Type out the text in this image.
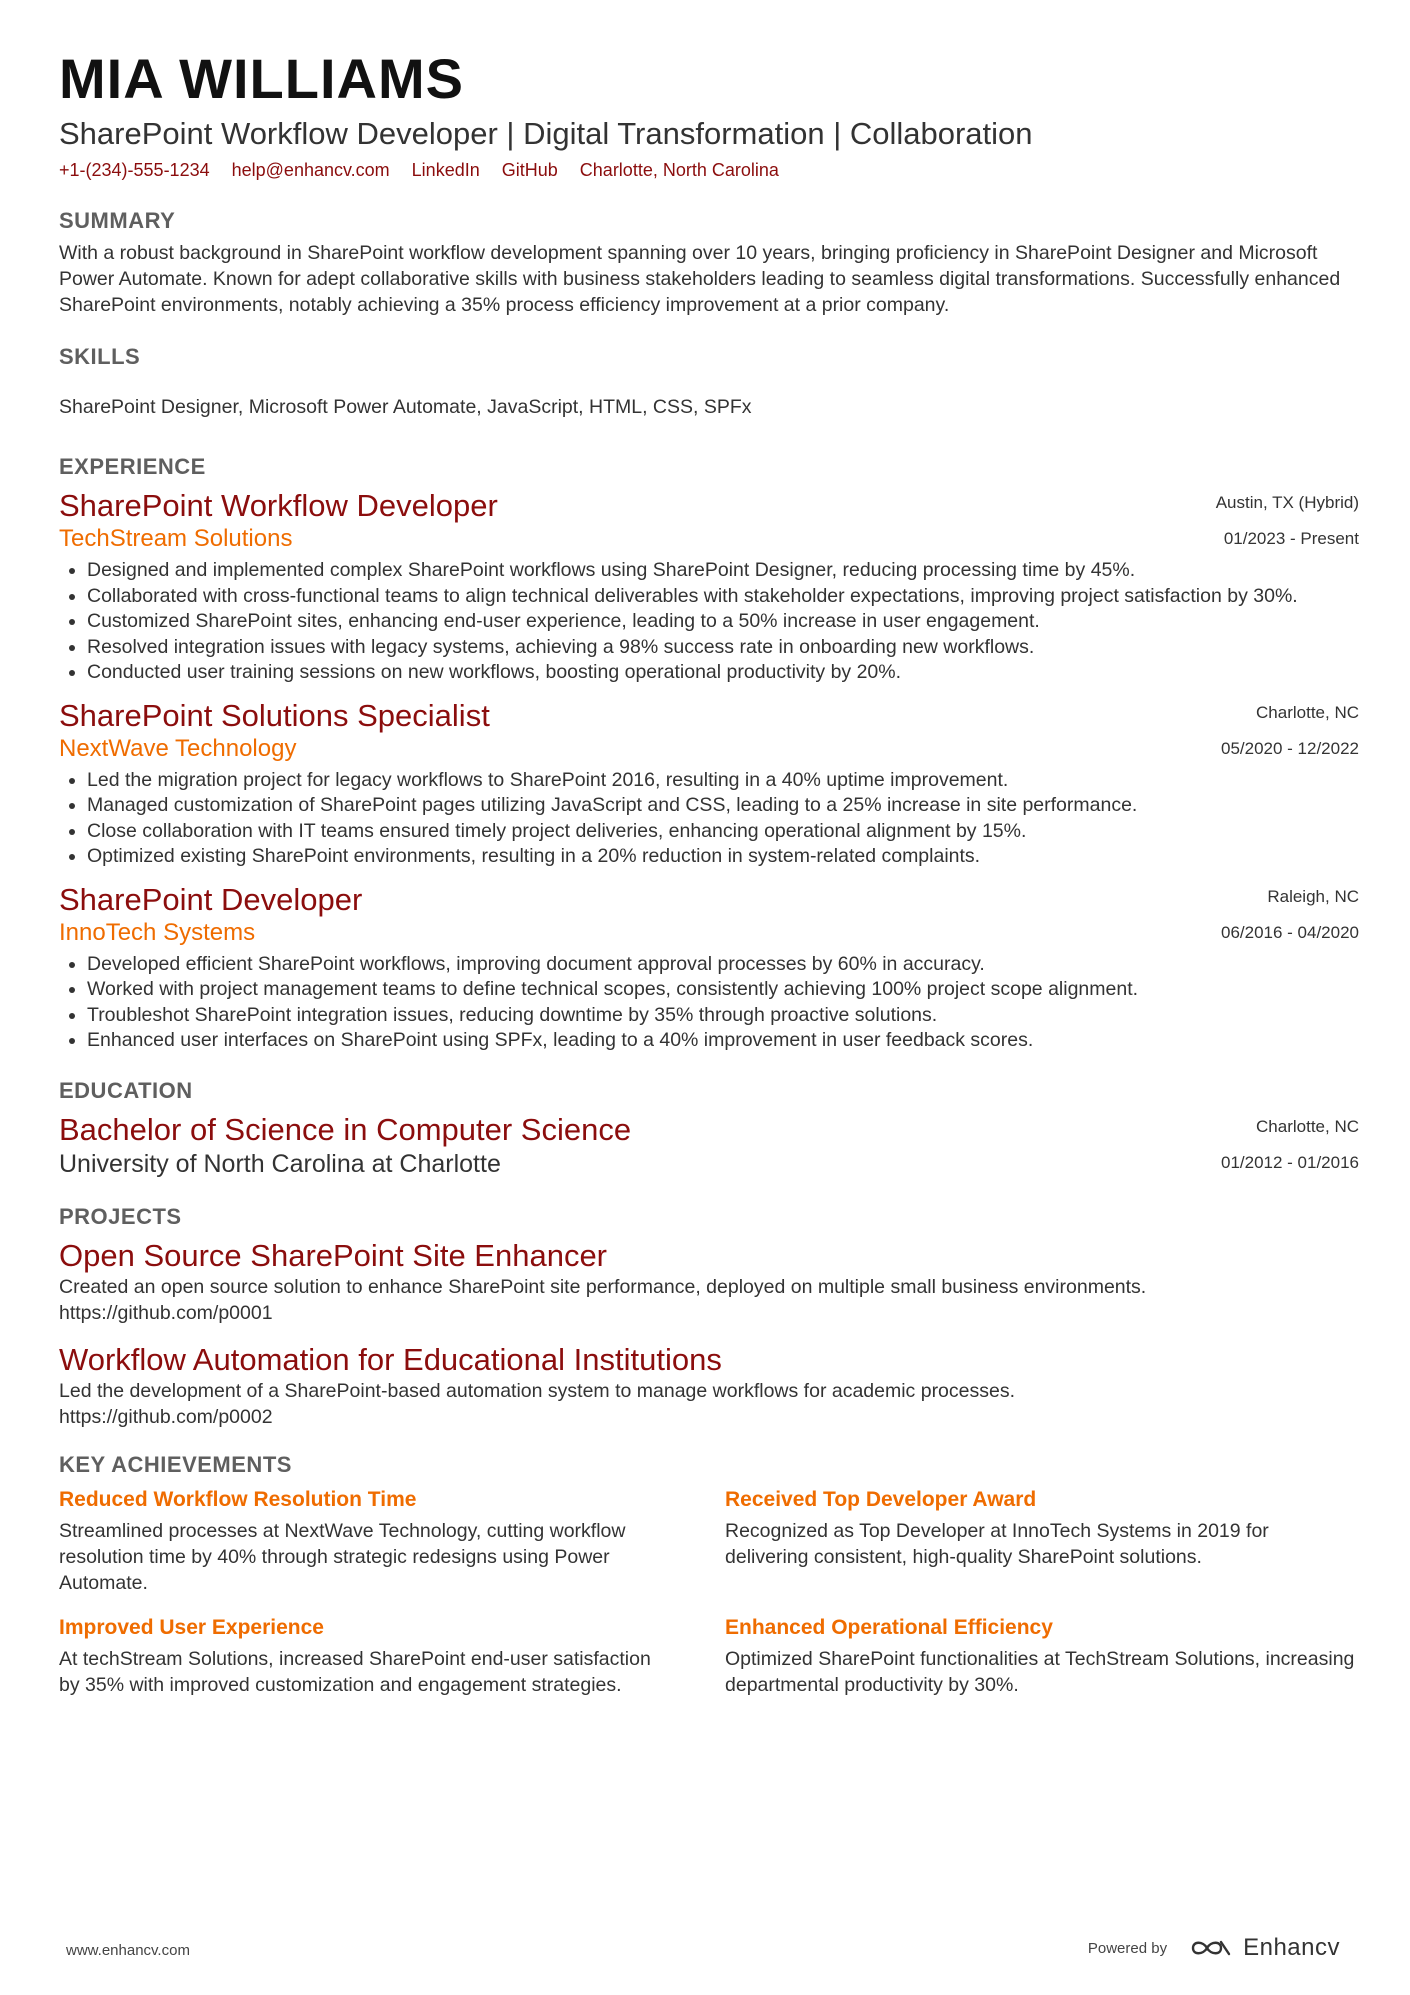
MIA WILLIAMS
SharePoint Workflow Developer | Digital Transformation | Collaboration
+1-(234)-555-1234 help@enhancv.com LinkedIn GitHub Charlotte, North Carolina
SUMMARY

With a robust background in SharePoint workflow development spanning over 10 years, bringing proficiency in SharePoint Designer and Microsoft Power Automate. Known for adept collaborative skills with business stakeholders leading to seamless digital transformations. Successfully enhanced SharePoint environments, notably achieving a 35% process efficiency improvement at a prior company.

SKILLS

SharePoint Designer, Microsoft Power Automate, JavaScript, HTML, CSS, SPFx

EXPERIENCE
Austin, TX (Hybrid)
01/2023 - Present
SharePoint Workflow Developer
TechStream Solutions
• Designed and implemented complex SharePoint workflows using SharePoint Designer, reducing processing time by 45%.
• Collaborated with cross-functional teams to align technical deliverables with stakeholder expectations, improving project satisfaction by 30%.
• Customized SharePoint sites, enhancing end-user experience, leading to a 50% increase in user engagement.
• Resolved integration issues with legacy systems, achieving a 98% success rate in onboarding new workflows.
• Conducted user training sessions on new workflows, boosting operational productivity by 20%.
Charlotte, NC
05/2020 - 12/2022
SharePoint Solutions Specialist
NextWave Technology
• Led the migration project for legacy workflows to SharePoint 2016, resulting in a 40% uptime improvement.
• Managed customization of SharePoint pages utilizing JavaScript and CSS, leading to a 25% increase in site performance.
• Close collaboration with IT teams ensured timely project deliveries, enhancing operational alignment by 15%.
• Optimized existing SharePoint environments, resulting in a 20% reduction in system-related complaints.
Raleigh, NC
06/2016 - 04/2020
SharePoint Developer
InnoTech Systems
• Developed efficient SharePoint workflows, improving document approval processes by 60% in accuracy.
• Worked with project management teams to define technical scopes, consistently achieving 100% project scope alignment.
• Troubleshot SharePoint integration issues, reducing downtime by 35% through proactive solutions.
• Enhanced user interfaces on SharePoint using SPFx, leading to a 40% improvement in user feedback scores.
EDUCATION
Charlotte, NC
01/2012 - 01/2016
Bachelor of Science in Computer Science
University of North Carolina at Charlotte
PROJECTS
Open Source SharePoint Site Enhancer

Created an open source solution to enhance SharePoint site performance, deployed on multiple small business environments.

https://github.com/p0001

Workflow Automation for Educational Institutions

Led the development of a SharePoint-based automation system to manage workflows for academic processes.

https://github.com/p0002

KEY ACHIEVEMENTS
Reduced Workflow Resolution Time

Streamlined processes at NextWave Technology, cutting workflow resolution time by 40% through strategic redesigns using Power Automate.

Received Top Developer Award

Recognized as Top Developer at InnoTech Systems in 2019 for delivering consistent, high-quality SharePoint solutions.

Improved User Experience

At techStream Solutions, increased SharePoint end-user satisfaction by 35% with improved customization and engagement strategies.

Enhanced Operational Efficiency

Optimized SharePoint functionalities at TechStream Solutions, increasing departmental productivity by 30%.

www.enhancv.com	Powered by	Enhancv
